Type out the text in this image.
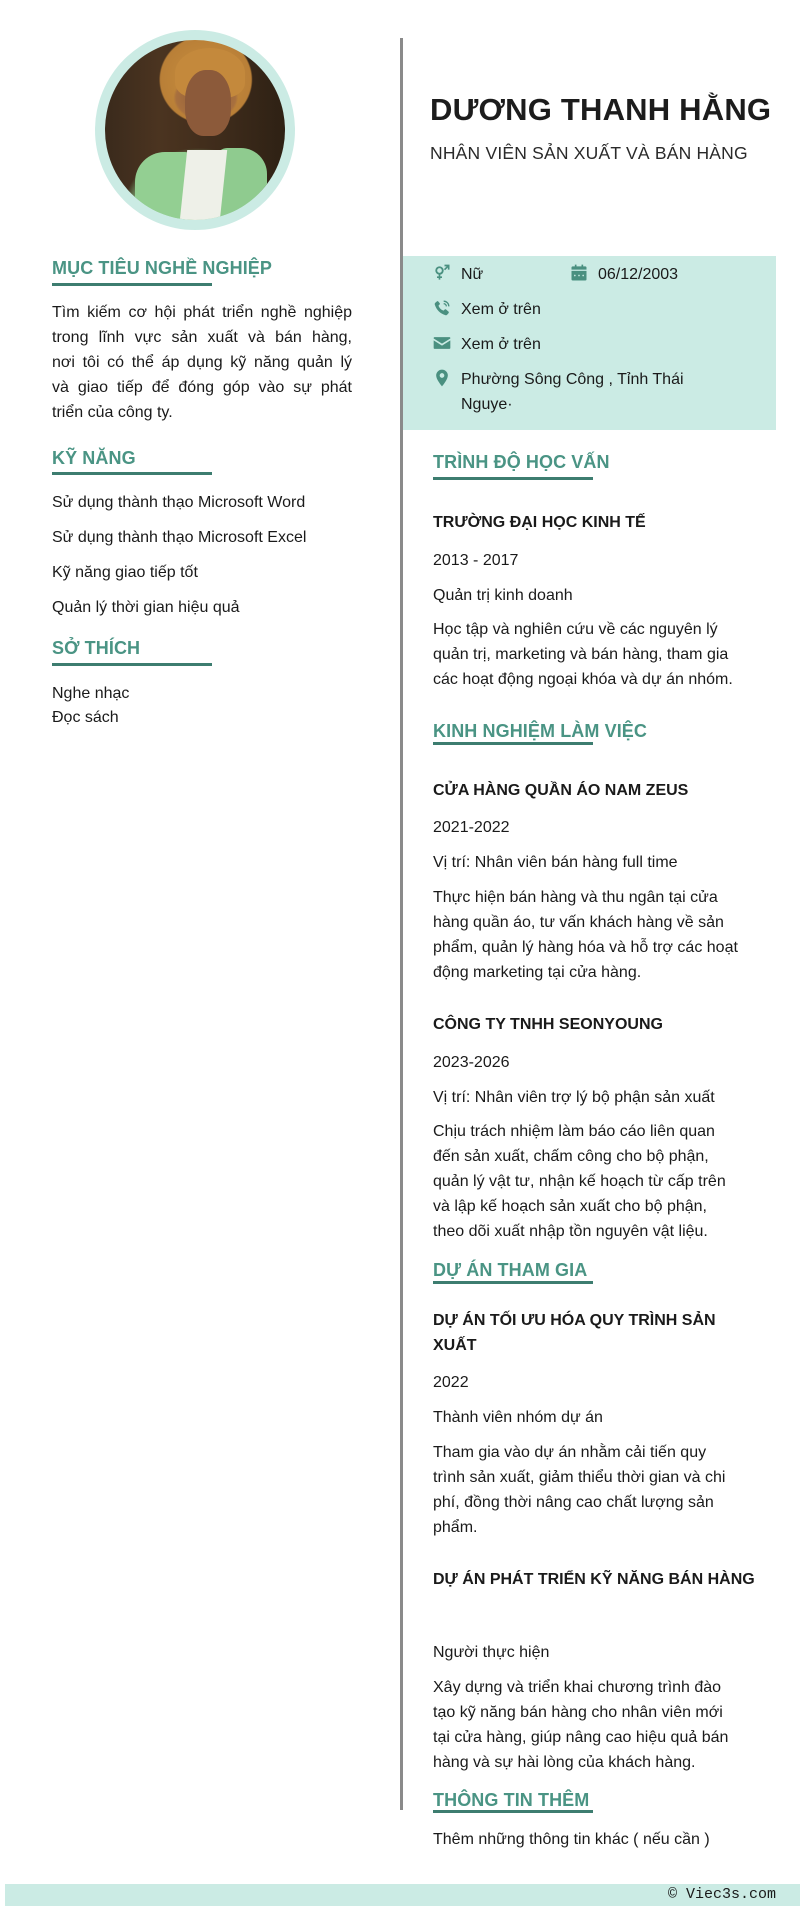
DƯƠNG THANH HẰNG
NHÂN VIÊN SẢN XUẤT VÀ BÁN HÀNG
Nữ	06/12/2003
Xem ở trên
Xem ở trên
Phường Sông Công , Tỉnh Thái
Nguye·
MỤC TIÊU NGHỀ NGHIỆP
Tìm kiếm cơ hội phát triển nghề nghiệp
trong lĩnh vực sản xuất và bán hàng,
nơi tôi có thể áp dụng kỹ năng quản lý
và giao tiếp để đóng góp vào sự phát
triển của công ty.
KỸ NĂNG
Sử dụng thành thạo Microsoft Word
Sử dụng thành thạo Microsoft Excel
Kỹ năng giao tiếp tốt
Quản lý thời gian hiệu quả
SỞ THÍCH
Nghe nhạc
Đọc sách
TRÌNH ĐỘ HỌC VẤN
TRƯỜNG ĐẠI HỌC KINH TẾ
2013 - 2017
Quản trị kinh doanh
Học tập và nghiên cứu về các nguyên lý
quản trị, marketing và bán hàng, tham gia
các hoạt động ngoại khóa và dự án nhóm.
KINH NGHIỆM LÀM VIỆC
CỬA HÀNG QUẦN ÁO NAM ZEUS
2021-2022
Vị trí: Nhân viên bán hàng full time
Thực hiện bán hàng và thu ngân tại cửa
hàng quần áo, tư vấn khách hàng về sản
phẩm, quản lý hàng hóa và hỗ trợ các hoạt
động marketing tại cửa hàng.
CÔNG TY TNHH SEONYOUNG
2023-2026
Vị trí: Nhân viên trợ lý bộ phận sản xuất
Chịu trách nhiệm làm báo cáo liên quan
đến sản xuất, chấm công cho bộ phận,
quản lý vật tư, nhận kế hoạch từ cấp trên
và lập kế hoạch sản xuất cho bộ phận,
theo dõi xuất nhập tồn nguyên vật liệu.
DỰ ÁN THAM GIA
DỰ ÁN TỐI ƯU HÓA QUY TRÌNH SẢN
XUẤT
2022
Thành viên nhóm dự án
Tham gia vào dự án nhằm cải tiến quy
trình sản xuất, giảm thiểu thời gian và chi
phí, đồng thời nâng cao chất lượng sản
phẩm.
DỰ ÁN PHÁT TRIỂN KỸ NĂNG BÁN HÀNG
Người thực hiện
Xây dựng và triển khai chương trình đào
tạo kỹ năng bán hàng cho nhân viên mới
tại cửa hàng, giúp nâng cao hiệu quả bán
hàng và sự hài lòng của khách hàng.
THÔNG TIN THÊM
Thêm những thông tin khác ( nếu cần )
© Viec3s.com
